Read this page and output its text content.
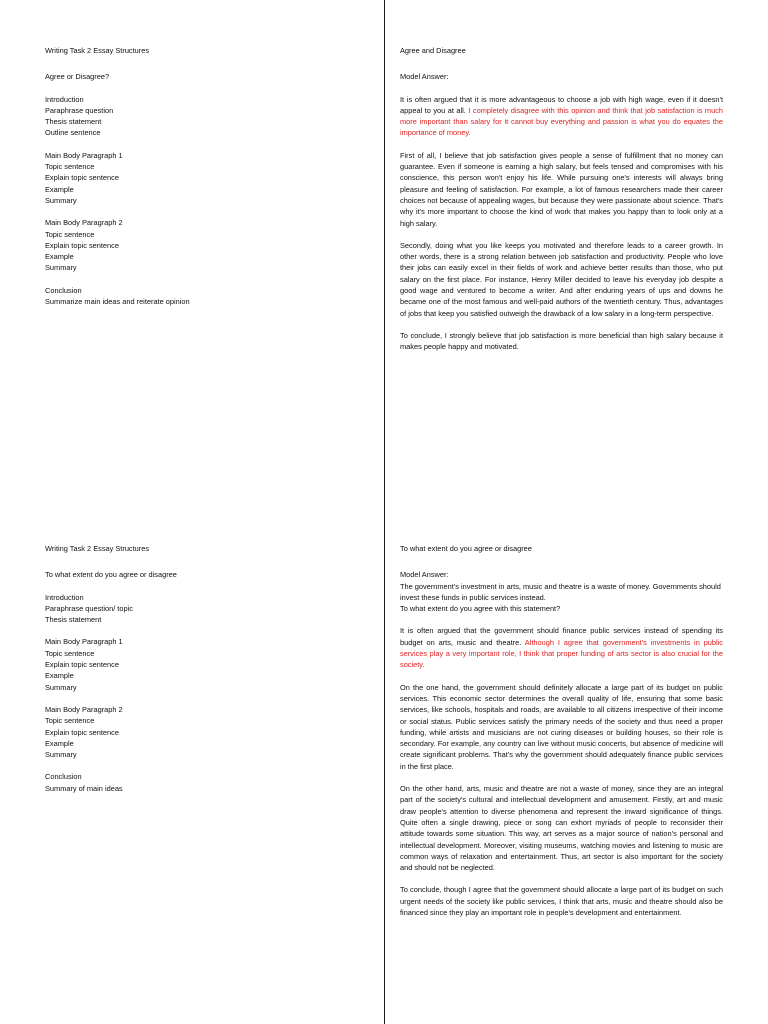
Writing Task 2 Essay Structures
Agree or Disagree?
Introduction
Paraphrase question
Thesis statement
Outline sentence
Main Body Paragraph 1
Topic sentence
Explain topic sentence
Example
Summary
Main Body Paragraph 2
Topic sentence
Explain topic sentence
Example
Summary
Conclusion
Summarize main ideas and reiterate opinion
Agree and Disagree
Model Answer:

It is often argued that it is more advantageous to choose a job with high wage, even if it doesn't appeal to you at all. I completely disagree with this opinion and think that job satisfaction is much more important than salary for it cannot buy everything and passion is what you do equates the importance of money.

First of all, I believe that job satisfaction gives people a sense of fulfillment that no money can guarantee. Even if someone is earning a high salary, but feels tensed and compromises with his conscience, this person won't enjoy his life. While pursuing one's interests will always bring pleasure and feeling of satisfaction. For example, a lot of famous researchers made their career choices not because of appealing wages, but because they were passionate about science. That's why it's more important to choose the kind of work that makes you happy than to look only at a high salary.

Secondly, doing what you like keeps you motivated and therefore leads to a career growth. In other words, there is a strong relation between job satisfaction and productivity. People who love their jobs can easily excel in their fields of work and achieve better results than those, who put salary on the first place. For instance, Henry Miller decided to leave his everyday job despite a good wage and ventured to become a writer. And after enduring years of ups and downs he became one of the most famous and well-paid authors of the twentieth century. Thus, advantages of jobs that keep you satisfied outweigh the drawback of a low salary in a long-term perspective.

To conclude, I strongly believe that job satisfaction is more beneficial than high salary because it makes people happy and motivated.

Writing Task 2 Essay Structures
To what extent do you agree or disagree
Introduction
Paraphrase question/ topic
Thesis statement
Main Body Paragraph 1
Topic sentence
Explain topic sentence
Example
Summary
Main Body Paragraph 2
Topic sentence
Explain topic sentence
Example
Summary
Conclusion
Summary of main ideas
To what extent do you agree or disagree
Model Answer:
The government's investment in arts, music and theatre is a waste of money. Governments should invest these funds in public services instead.
To what extent do you agree with this statement?

It is often argued that the government should finance public services instead of spending its budget on arts, music and theatre. Although I agree that government's investments in public services play a very important role, I think that proper funding of arts sector is also crucial for the society.

On the one hand, the government should definitely allocate a large part of its budget on public services. This economic sector determines the overall quality of life, ensuring that some basic services, like schools, hospitals and roads, are available to all citizens irrespective of their income or social status. Public services satisfy the primary needs of the society and thus need a proper funding, while artists and musicians are not curing diseases or building houses, so their role is secondary. For example, any country can live without music concerts, but absence of medicine will create significant problems. That's why the government should adequately finance public services in the first place.

On the other hand, arts, music and theatre are not a waste of money, since they are an integral part of the society's cultural and intellectual development and amusement. Firstly, art and music draw people's attention to diverse phenomena and represent the inward significance of things. Quite often a single drawing, piece or song can exhort myriads of people to reconsider their attitude towards some situation. This way, art serves as a major source of nation's personal and intellectual development. Moreover, visiting museums, watching movies and listening to music are common ways of relaxation and entertainment. Thus, art sector is also important for the society and should not be neglected.

To conclude, though I agree that the government should allocate a large part of its budget on such urgent needs of the society like public services, I think that arts, music and theatre should also be financed since they play an important role in people's development and entertainment.
